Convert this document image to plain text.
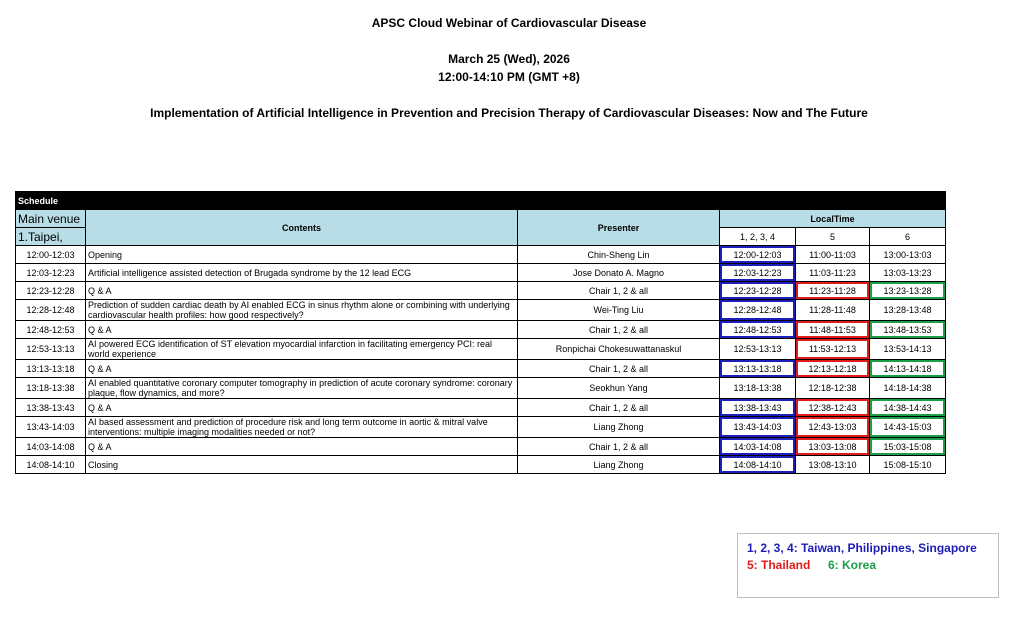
APSC Cloud Webinar of Cardiovascular Disease
March 25 (Wed), 2026
12:00-14:10 PM (GMT +8)
Implementation of Artificial Intelligence in Prevention and Precision Therapy of Cardiovascular Diseases: Now and The Future
Schedule					
Main venue	Contents	Presenter	LocalTime		
1.Taipei,			1, 2, 3, 4	5	6
12:00-12:03	Opening	Chin-Sheng Lin	12:00-12:03	11:00-11:03	13:00-13:03
12:03-12:23	Artificial intelligence assisted detection of Brugada syndrome by the 12 lead ECG	Jose Donato A. Magno	12:03-12:23	11:03-11:23	13:03-13:23
12:23-12:28	Q & A	Chair 1, 2 & all	12:23-12:28	11:23-11:28	13:23-13:28
12:28-12:48	Prediction of sudden cardiac death by AI enabled ECG in sinus rhythm alone or combining with underlying cardiovascular health profiles: how good respectively?	Wei-Ting Liu	12:28-12:48	11:28-11:48	13:28-13:48
12:48-12:53	Q & A	Chair 1, 2 & all	12:48-12:53	11:48-11:53	13:48-13:53
12:53-13:13	AI powered ECG identification of ST elevation myocardial infarction in facilitating emergency PCI: real world experience	Ronpichai Chokesuwattanaskul	12:53-13:13	11:53-12:13	13:53-14:13
13:13-13:18	Q & A	Chair 1, 2 & all	13:13-13:18	12:13-12:18	14:13-14:18
13:18-13:38	AI enabled quantitative coronary computer tomography in prediction of acute coronary syndrome: coronary plaque, flow dynamics, and more?	Seokhun Yang	13:18-13:38	12:18-12:38	14:18-14:38
13:38-13:43	Q & A	Chair 1, 2 & all	13:38-13:43	12:38-12:43	14:38-14:43
13:43-14:03	AI based assessment and prediction of procedure risk and long term outcome in aortic & mitral valve interventions: multiple imaging modalities needed or not?	Liang Zhong	13:43-14:03	12:43-13:03	14:43-15:03
14:03-14:08	Q & A	Chair 1, 2 & all	14:03-14:08	13:03-13:08	15:03-15:08
14:08-14:10	Closing	Liang Zhong	14:08-14:10	13:08-13:10	15:08-15:10
1, 2, 3, 4: Taiwan, Philippines, Singapore
5: Thailand 6: Korea
